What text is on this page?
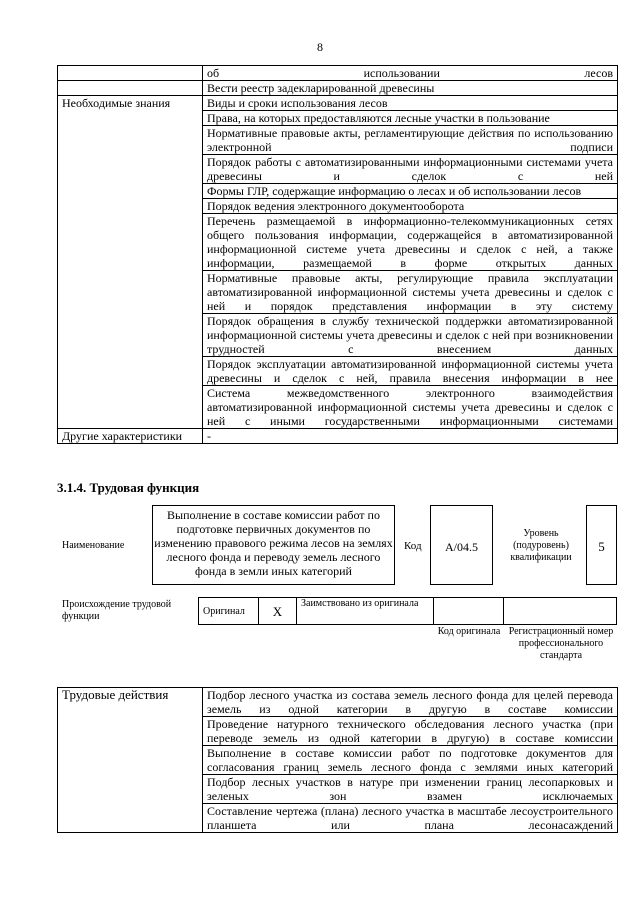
8
	об использовании лесов
	Вести реестр задекларированной древесины
Необходимые знания	Виды и сроки использования лесов
	Права, на которых предоставляются лесные участки в пользование
	Нормативные правовые акты, регламентирующие действия по использованию электронной подписи
	Порядок работы с автоматизированными информационными системами учета древесины и сделок с ней
	Формы ГЛР, содержащие информацию о лесах и об использовании лесов
	Порядок ведения электронного документооборота
	Перечень размещаемой в информационно-телекоммуникационных сетях общего пользования информации, содержащейся в автоматизированной информационной системе учета древесины и сделок с ней, а также информации, размещаемой в форме открытых данных
	Нормативные правовые акты, регулирующие правила эксплуатации автоматизированной информационной системы учета древесины и сделок с ней и порядок представления информации в эту систему
	Порядок обращения в службу технической поддержки автоматизированной информационной системы учета древесины и сделок с ней при возникновении трудностей с внесением данных
	Порядок эксплуатации автоматизированной информационной системы учета древесины и сделок с ней, правила внесения информации в нее
	Система межведомственного электронного взаимодействия автоматизированной информационной системы учета древесины и сделок с ней с иными государственными информационными системами
Другие характеристики	-
3.1.4. Трудовая функция
Наименование
Выполнение в составе комиссии работ по подготовке первичных документов по изменению правового режима лесов на землях лесного фонда и переводу земель лесного фонда в земли иных категорий
Код	A/04.5
Уровень (подуровень) квалификации
5
Происхождение трудовой функции	Оригинал	X	Заимствовано из оригинала		
Код оригинала Регистрационный номер профессионального стандарта
Трудовые действия	Подбор лесного участка из состава земель лесного фонда для целей перевода земель из одной категории в другую в составе комиссии
Проведение натурного технического обследования лесного участка (при переводе земель из одной категории в другую) в составе комиссии
Выполнение в составе комиссии работ по подготовке документов для согласования границ земель лесного фонда с землями иных категорий
Подбор лесных участков в натуре при изменении границ лесопарковых и зеленых зон взамен исключаемых
Составление чертежа (плана) лесного участка в масштабе лесоустроительного планшета или плана лесонасаждений
